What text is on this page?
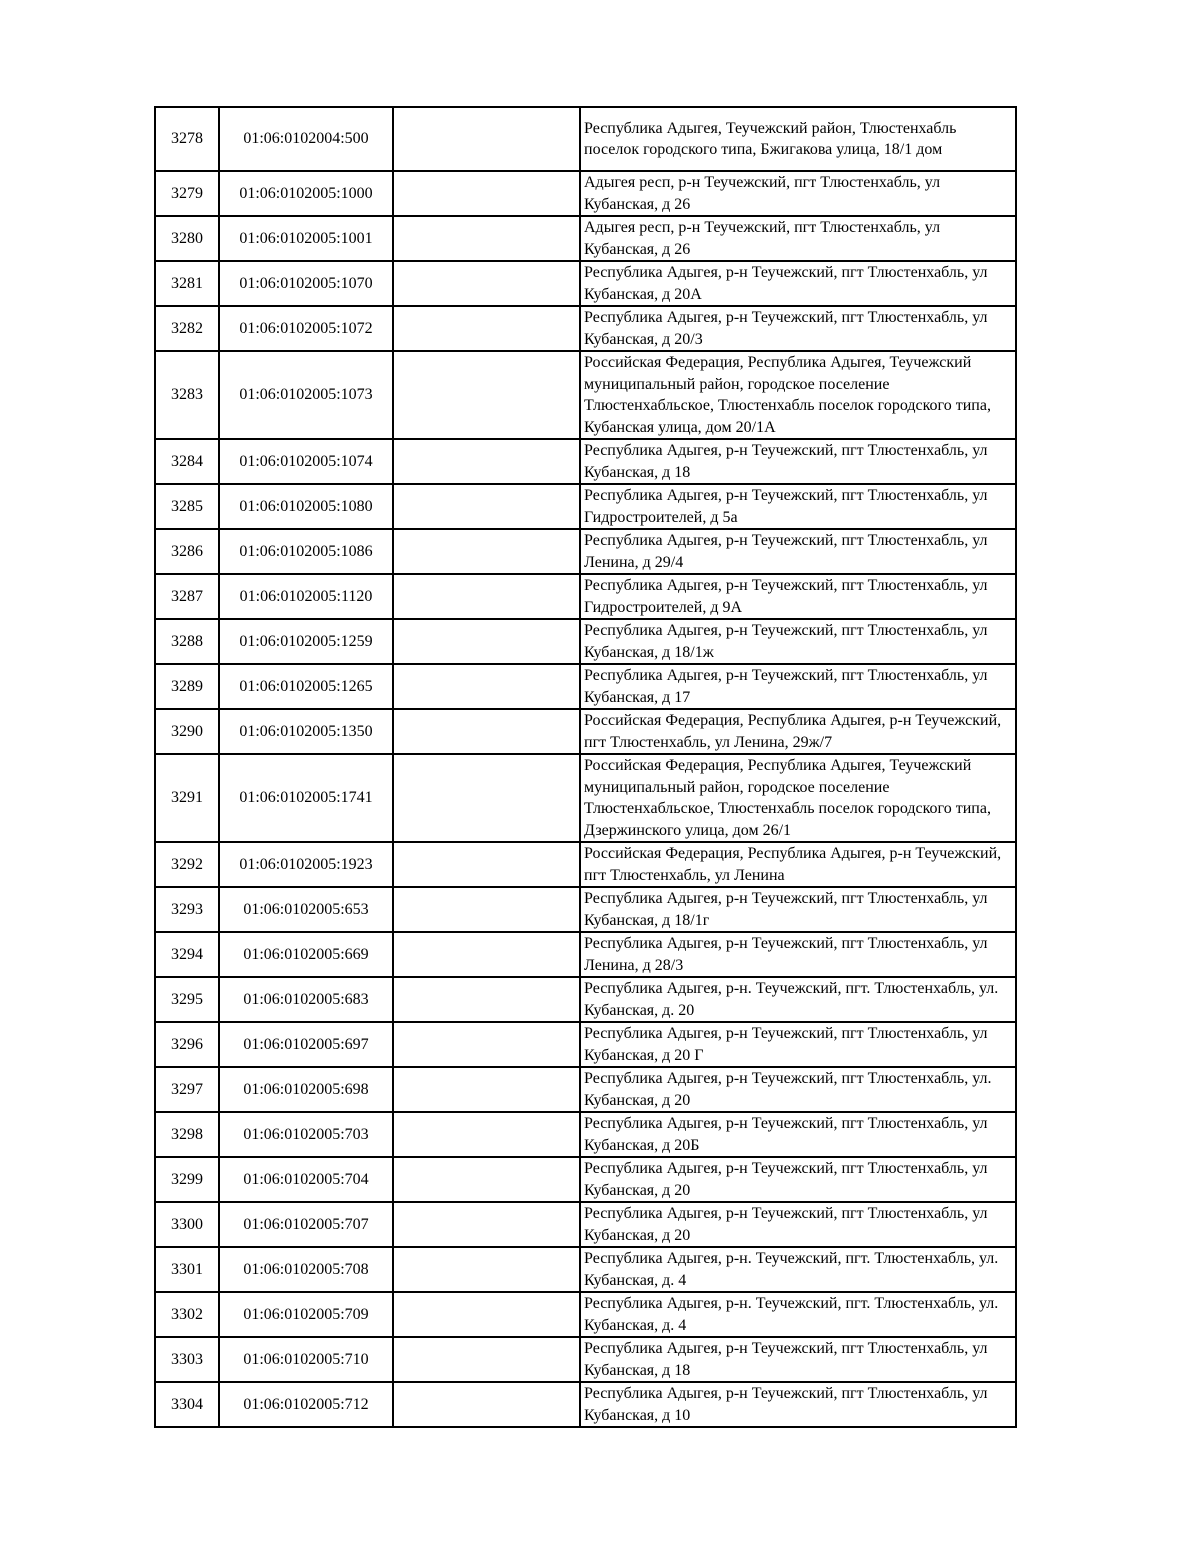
3278	01:06:0102004:500		Республика Адыгея, Теучежский район, Тлюстенхабль поселок городского типа, Бжигакова улица, 18/1 дом
3279	01:06:0102005:1000		Адыгея респ, р-н Теучежский, пгт Тлюстенхабль, ул Кубанская, д 26
3280	01:06:0102005:1001		Адыгея респ, р-н Теучежский, пгт Тлюстенхабль, ул Кубанская, д 26
3281	01:06:0102005:1070		Республика Адыгея, р-н Теучежский, пгт Тлюстенхабль, ул Кубанская, д 20А
3282	01:06:0102005:1072		Республика Адыгея, р-н Теучежский, пгт Тлюстенхабль, ул Кубанская, д 20/3
3283	01:06:0102005:1073		Российская Федерация, Республика Адыгея, Теучежский муниципальный район, городское поселение Тлюстенхабльское, Тлюстенхабль поселок городского типа, Кубанская улица, дом 20/1А
3284	01:06:0102005:1074		Республика Адыгея, р-н Теучежский, пгт Тлюстенхабль, ул Кубанская, д 18
3285	01:06:0102005:1080		Республика Адыгея, р-н Теучежский, пгт Тлюстенхабль, ул Гидростроителей, д 5а
3286	01:06:0102005:1086		Республика Адыгея, р-н Теучежский, пгт Тлюстенхабль, ул Ленина, д 29/4
3287	01:06:0102005:1120		Республика Адыгея, р-н Теучежский, пгт Тлюстенхабль, ул Гидростроителей, д 9А
3288	01:06:0102005:1259		Республика Адыгея, р-н Теучежский, пгт Тлюстенхабль, ул Кубанская, д 18/1ж
3289	01:06:0102005:1265		Республика Адыгея, р-н Теучежский, пгт Тлюстенхабль, ул Кубанская, д 17
3290	01:06:0102005:1350		Российская Федерация, Республика Адыгея, р-н Теучежский, пгт Тлюстенхабль, ул Ленина, 29ж/7
3291	01:06:0102005:1741		Российская Федерация, Республика Адыгея, Теучежский муниципальный район, городское поселение Тлюстенхабльское, Тлюстенхабль поселок городского типа, Дзержинского улица, дом 26/1
3292	01:06:0102005:1923		Российская Федерация, Республика Адыгея, р-н Теучежский, пгт Тлюстенхабль, ул Ленина
3293	01:06:0102005:653		Республика Адыгея, р-н Теучежский, пгт Тлюстенхабль, ул Кубанская, д 18/1г
3294	01:06:0102005:669		Республика Адыгея, р-н Теучежский, пгт Тлюстенхабль, ул Ленина, д 28/3
3295	01:06:0102005:683		Республика Адыгея, р-н. Теучежский, пгт. Тлюстенхабль, ул. Кубанская, д. 20
3296	01:06:0102005:697		Республика Адыгея, р-н Теучежский, пгт Тлюстенхабль, ул Кубанская, д 20 Г
3297	01:06:0102005:698		Республика Адыгея, р-н Теучежский, пгт Тлюстенхабль, ул. Кубанская, д 20
3298	01:06:0102005:703		Республика Адыгея, р-н Теучежский, пгт Тлюстенхабль, ул Кубанская, д 20Б
3299	01:06:0102005:704		Республика Адыгея, р-н Теучежский, пгт Тлюстенхабль, ул Кубанская, д 20
3300	01:06:0102005:707		Республика Адыгея, р-н Теучежский, пгт Тлюстенхабль, ул Кубанская, д 20
3301	01:06:0102005:708		Республика Адыгея, р-н. Теучежский, пгт. Тлюстенхабль, ул. Кубанская, д. 4
3302	01:06:0102005:709		Республика Адыгея, р-н. Теучежский, пгт. Тлюстенхабль, ул. Кубанская, д. 4
3303	01:06:0102005:710		Республика Адыгея, р-н Теучежский, пгт Тлюстенхабль, ул Кубанская, д 18
3304	01:06:0102005:712		Республика Адыгея, р-н Теучежский, пгт Тлюстенхабль, ул Кубанская, д 10
